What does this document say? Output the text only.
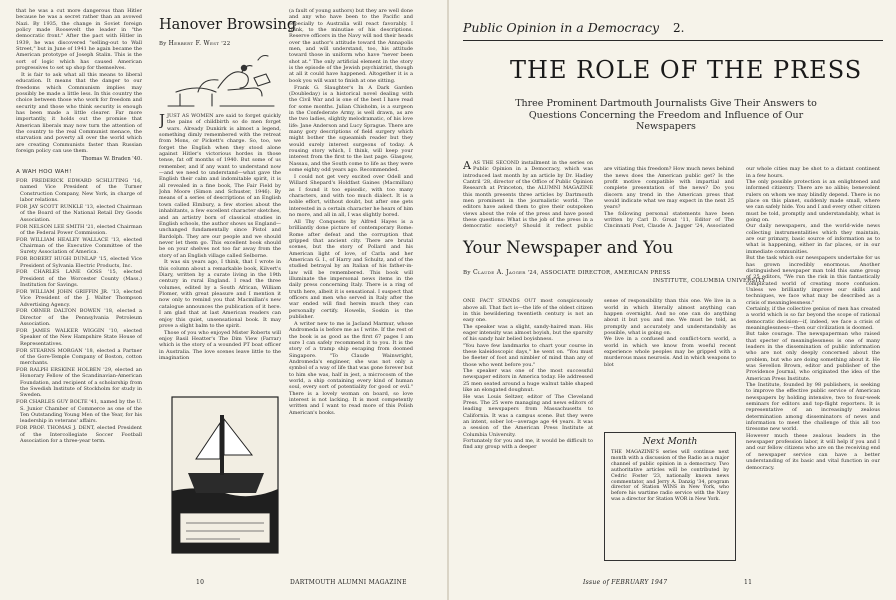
that he was a cut more dangerous than Hitler because he was a secret rather than an avowed Nazi. By 1935, the change in Soviet foreign policy made Roosevelt the leader in "the democratic front." After the pact with Hitler in 1939, he was discovered "selling-out to Wall Street," but in June of 1941 he again became the American prototype of Joseph Stalin. This is the sort of logic which has caused American progressives to set up shop for themselves.

It is fair to ask what all this means to liberal education. It means that the danger to our freedoms which Communism implies may possibly be made a little less. In this country the choice between those who work for freedom and security and those who think security is enough has been made a little clearer. Far more importantly, it holds out the promise that American liberals may now turn the attention of the country to the real Communist menace, the starvation and poverty all over the world which are creating Communists faster than Russian foreign policy can use them.

Thomas W. Braden '40.
A WAH HOO WAH!

FOR FREDERICK EDWARD SCHLUTING '16, named Vice President of the Turner Construction Company, New York, in charge of labor relations.

FOR JAY SCOTT RUNKLE '13, elected Chairman of the Board of the National Retail Dry Goods Association.

FOR NELSON LEE SMITH '21, elected Chairman of the Federal Power Commission.

FOR WILLIAM HEALEY WALLACE '13, elected Chairman of the Executive Committee of the Surety Association of America.

FOR ROBERT HUGH DUNLAP '15, elected Vice President of Sylvania Electric Products, Inc.

FOR CHARLES LANE GOSS '15, elected President of the Worcester County (Mass.) Institution for Savings.

FOR WILLIAM JOHN GRIFFIN JR. '13, elected Vice President of the J. Walter Thompson Advertising Agency.

FOR OBNER DALTON BOWEN '18, elected a Director of the Pennsylvania Petroleum Association.

FOR JAMES WALKER WIGGIN '10, elected Speaker of the New Hampshire State House of Representatives.

FOR STEARNS MORGAN '18, elected a Partner of the Gore-Temple Company of Boston, cotton merchants.

FOR RALPH ERSKINE HOLBEN '29, elected an Honorary Fellow of the Scandinavian-American Foundation, and recipient of a scholarship from the Swedish Institute of Stockholm for study in Sweden.

FOR CHARLES GUY BOLTE '41, named by the U. S. Junior Chamber of Commerce as one of the Ten Outstanding Young Men of the Year, for his leadership in veterans' affairs.

FOR PROF. THOMAS J. DENT, elected President of the Intercollegiate Soccer Football Association for a three-year term.

Hanover Browsing
By Herbert F. West '22

JJUST AS WOMEN are said to forget quickly the pains of childbirth so do men forget wars. Already Dunkirk is almost a legend, something dimly remembered with the retreat from Mons, or Pickett's charge. So, too, we forget the English when they stood alone against Hitler's victorious hordes in those tense, fat off months of 1940. But some of us remember, and if any want to understand now—and we need to understand—what gave the English their calm and indomitable spirit, it is all revealed in a fine book, The Fair Field by John Moore (Simon and Schuster, 1946). By means of a series of descriptions of an English town called Elmbury, a few stories about the inhabitants, a few excellent character sketches, and an artistry born of classical studies in English schools, the author shows us England—unchanged fundamentally since Pistol and Bardolph. They are our people and we should never let them go. This excellent book should be on your shelves not too far away from the story of an English village called Selborne.

It was six years ago, I think, that I wrote in this column about a remarkable book, Kilvert's Diary, written by a curate living in the 19th century in rural England. I read the three volumes, edited by a South African, William Plomer, with great pleasure and I mention it now only to remind you that Macmillan's new catalogue announces the publication of it here. I am glad that at last American readers can enjoy this quiet, unsensational book. It may prove a slight balm to the spirit.

Those of you who enjoyed Mister Roberts will enjoy Basil Heatter's The Dim View (Farrar) which is the story of a wounded PT boat officer in Australia. The love scenes leave little to the imagination

(a fault of young authors) but they are well done and any who have been to the Pacific and especially to Australia will react favorably. I think, to the minutiae of his descriptions. Reserve officers in the Navy will nod their heads over the author's attitude toward the Annapolis men, and will understand, too, his attitude toward those in uniform who have "never been shot at." The only artificial element in the story is the episode of the Jewish psychiatrist, though at all it could have happened. Altogether it is a book you will want to finish at one sitting.

Frank G. Slaughter's In A Dark Garden (Doubleday) is a historical novel dealing with the Civil War and is one of the best I have read for some months. Julian Chisholm, is a surgeon in the Confederate Army, is well drawn, as are the two ladies, slightly melodramatic, of his love life: Jane Anderson and Lucy Sprague. There are many gory descriptions of field surgery which might bother the squeamish reader but they would surely interest surgeons of today. A rousing story which, I think, will keep your interest from the first to the last page. Glasgow, Nassau, and the South come to life as they were some eighty odd years ago. Recommended.

I could not get very excited over Odell and Willard Shepard's Holdfast Gaines (Macmillan) as I found it too episodic, with too many characters, and with too much dialect. It is a noble effort, without doubt, but after one gets interested in a certain character he hears of him no more, and all in all, I was slightly bored.

All Thy Conquests by Alfred Hayes is a brilliantly done picture of contemporary Rome: Rome after defeat and the corruption that gripped that ancient city. There are brutal scenes, but the story of Pollard and his American light of love, of Carla and her American G. I., of Harry and Schultz, and of the studied betrayal by an Italian of his father-in-law will be remembered. This book will illuminate the impersonal news items in the daily press concerning Italy. There is a ring of truth here, albeit it is sensational. I suspect that officers and men who served in Italy after the war ended will find herein much they can personally certify. Howells, Soskin is the publisher.

A writer new to me is Jacland Marmur, whose Andromeda is before me as I write. If the rest of the book is as good as the first 67 pages I am sure I can safely recommend it to you. It is the story of a tramp ship escaping from doomed Singapore. "To Claude Wainwright, Andromeda's engineer, she was not only a symbol of a way of life that was gone forever but to him she was, half in jest, a microcosm of the world, a ship containing every kind of human soul, every sort of potentiality for good or evil." There is a lovely woman on board, so love interest is not lacking. It is most competently written and I want to read more of this Polish American's books.

10	DARTMOUTH ALUMNI MAGAZINE
Public Opinion in a Democracy 2.
THE ROLE OF THE PRESS
Three Prominent Dartmouth Journalists Give Their Answers to Questions Concerning the Freedom and Influence of Our Newspapers

AAS THE SECOND installment in the series on Public Opinion in a Democracy, which was introduced last month by an article by Dr. Hadley Cantril '28, director of the Office of Public Opinion Research at Princeton, the ALUMNI MAGAZINE this month presents three articles by Dartmouth men prominent in the journalistic world. The editors have asked them to give their outspoken views about the role of the press and have posed these questions: What is the job of the press in a democratic society? Should it reflect public

are vitiating this freedom? How much news behind the news does the American public get? Is the profit motive compatible with impartial and complete presentation of the news? Do you discern any trend in the American press that would indicate what we may expect in the next 25 years?
The following personal statements have been written by Carl D. Groat '11, Editor of The Cincinnati Post, Claude A. Jagger '24, Associated

our whole cities may be shot to a distant continent in a few hours.
The only possible protection is an enlightened and informed citizenry. There are no alibis; benevolent rulers on whom we may blindly depend. There is no place on this planet, suddenly made small, where we can safely hide. You and I and every other citizen must be told, promptly and understandably, what is going on.
Our daily newspapers, and the world-wide news collecting instrumentalities which they maintain, are our primary, basic source of information as to what is happening, either in far places, or in our immediate communities.
But the task which our newspapers undertake for us has grown incredibly enormous. Another distinguished newspaper man told this same group of 25 editors, "We run the risk in this fantastically complicated world of creating more confusion. Unless we brilliantly improve our skills and techniques, we face what may be described as a crisis of meaninglessness."
Certainly, if the collective genius of men has created a world which is so far beyond the scope of rational democratic decision—if, indeed, we face a crisis of meaninglessness—then our civilization is doomed.
But take courage. The newspaperman who raised that specter of meaninglessness is one of many leaders in the dissemination of public information who are not only deeply concerned about the problem, but who are doing something about it. He was Sevellon Brown, editor and publisher of the Providence Journal, who originated the idea of the American Press Institute.
The Institute, founded by 98 publishers, is seeking to improve the effective public service of American newspapers by holding intensive, two to four-week seminars for editors and top-flight reporters. It is representative of an increasingly zealous determination among disseminators of news and information to meet the challenge of this all too tiresome new world.
However much these zealous leaders in the newspaper profession labor, it will help if you and I and our fellow citizens who are on the receiving end of newspaper service can have a better understanding of its basic and vital function in our democracy.

Your Newspaper and You
By Claude A. Jagger '24, ASSOCIATE DIRECTOR, AMERICAN PRESS
INSTITUTE, COLUMBIA UNIVERSITY

ONE FACT STANDS OUT most conspicuously above all. That fact is—the life of the oldest citizen in this bewildering twentieth century is not an easy one.
The speaker was a slight, sandy-haired man. His eager intensity was almost boyish, but the sparsity of his sandy hair belied boyishness.
"You have few landmarks to chart your course in these kaleidoscopic days," he went on. "You must be fleeter of foot and nimbler of mind than any of those who went before you."
The speaker was one of the most successful newspaper editors in America today. He addressed 25 men seated around a huge walnut table shaped like an elongated doughnut.
He was Louis Seltzer, editor of The Cleveland Press. The 25 were managing and news editors of leading newspapers from Massachusetts to California. It was a campus scene. But they were an intent, sober lot—average age 44 years. It was a session of the American Press Institute at Columbia University.
Fortunately for you and me, it would be difficult to find any group with a deeper

sense of responsibility than this one. We live in a world in which literally almost anything can happen overnight. And no one can do anything about it but you and me. We must be told, as promptly and accurately and understandably as possible, what is going on.
We live in a confused and conflict-torn world, a world in which we know from woeful recent experience whole peoples may be gripped with a murderous mass neurosis. And in which weapons to blot

Next Month
THE MAGAZINE'S series will continue next month with a discussion of the Radio as a major channel of public opinion in a democracy. Two authoritative articles will be contributed by Cedric Foster '23, nationally known news commentator, and Jerry A. Danzig '34, program director of Station WINS in New York, who before his wartime radio service with the Navy was a director for Station WOR in New York.
Issue of FEBRUARY 1947	11
